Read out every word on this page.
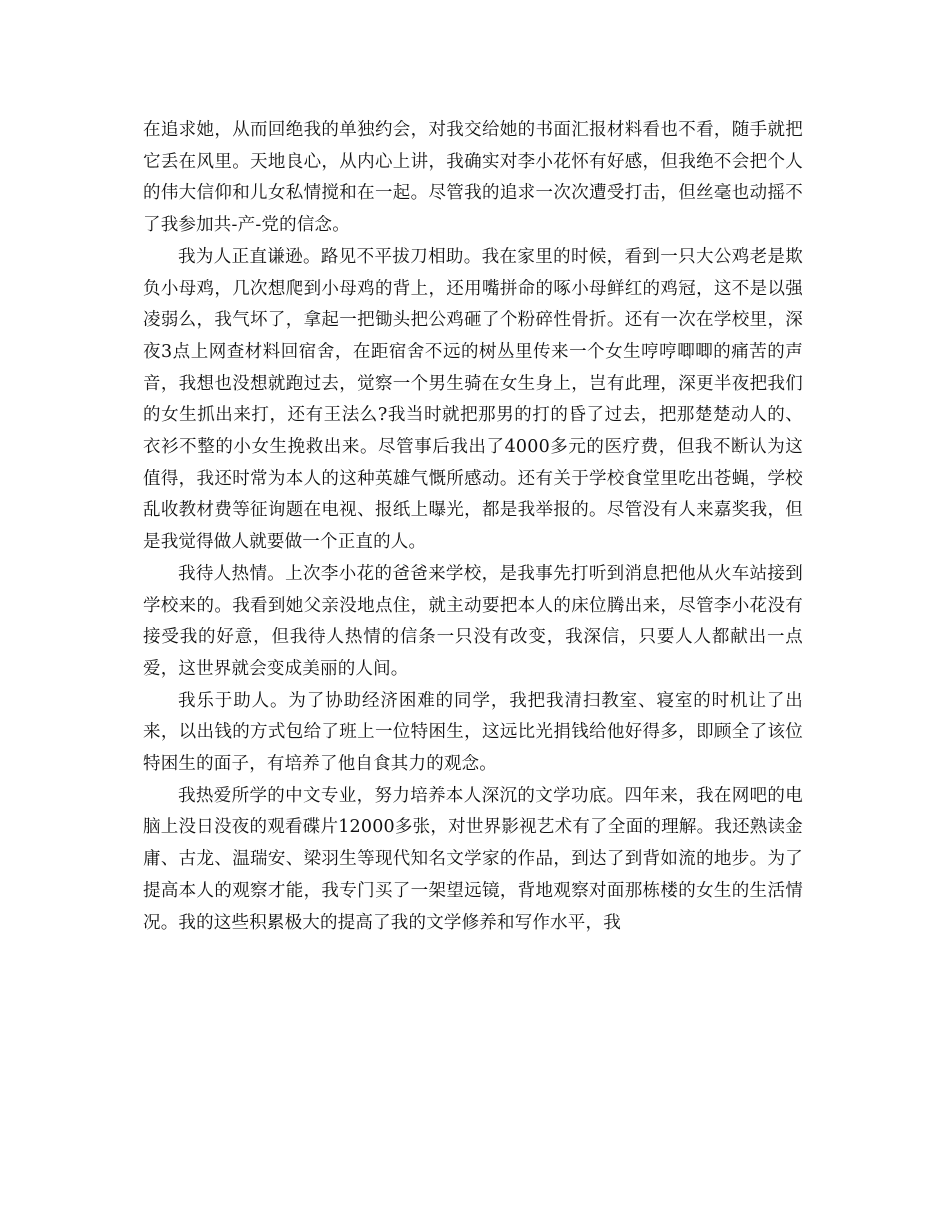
在追求她，从而回绝我的单独约会，对我交给她的书面汇报材料看也不看，随手就把它丢在风里。天地良心，从内心上讲，我确实对李小花怀有好感，但我绝不会把个人的伟大信仰和儿女私情搅和在一起。尽管我的追求一次次遭受打击，但丝毫也动摇不了我参加共-产-党的信念。

我为人正直谦逊。路见不平拔刀相助。我在家里的时候，看到一只大公鸡老是欺负小母鸡，几次想爬到小母鸡的背上，还用嘴拼命的啄小母鲜红的鸡冠，这不是以强凌弱么，我气坏了，拿起一把锄头把公鸡砸了个粉碎性骨折。还有一次在学校里，深夜3点上网查材料回宿舍，在距宿舍不远的树丛里传来一个女生哼哼唧唧的痛苦的声音，我想也没想就跑过去，觉察一个男生骑在女生身上，岂有此理，深更半夜把我们的女生抓出来打，还有王法么?我当时就把那男的打的昏了过去，把那楚楚动人的、衣衫不整的小女生挽救出来。尽管事后我出了4000多元的医疗费，但我不断认为这值得，我还时常为本人的这种英雄气慨所感动。还有关于学校食堂里吃出苍蝇，学校乱收教材费等征询题在电视、报纸上曝光，都是我举报的。尽管没有人来嘉奖我，但是我觉得做人就要做一个正直的人。

我待人热情。上次李小花的爸爸来学校，是我事先打听到消息把他从火车站接到学校来的。我看到她父亲没地点住，就主动要把本人的床位腾出来，尽管李小花没有接受我的好意，但我待人热情的信条一只没有改变，我深信，只要人人都献出一点爱，这世界就会变成美丽的人间。

我乐于助人。为了协助经济困难的同学，我把我清扫教室、寝室的时机让了出来，以出钱的方式包给了班上一位特困生，这远比光捐钱给他好得多，即顾全了该位特困生的面子，有培养了他自食其力的观念。

我热爱所学的中文专业，努力培养本人深沉的文学功底。四年来，我在网吧的电脑上没日没夜的观看碟片12000多张，对世界影视艺术有了全面的理解。我还熟读金庸、古龙、温瑞安、梁羽生等现代知名文学家的作品，到达了到背如流的地步。为了提高本人的观察才能，我专门买了一架望远镜，背地观察对面那栋楼的女生的生活情况。我的这些积累极大的提高了我的文学修养和写作水平，我
